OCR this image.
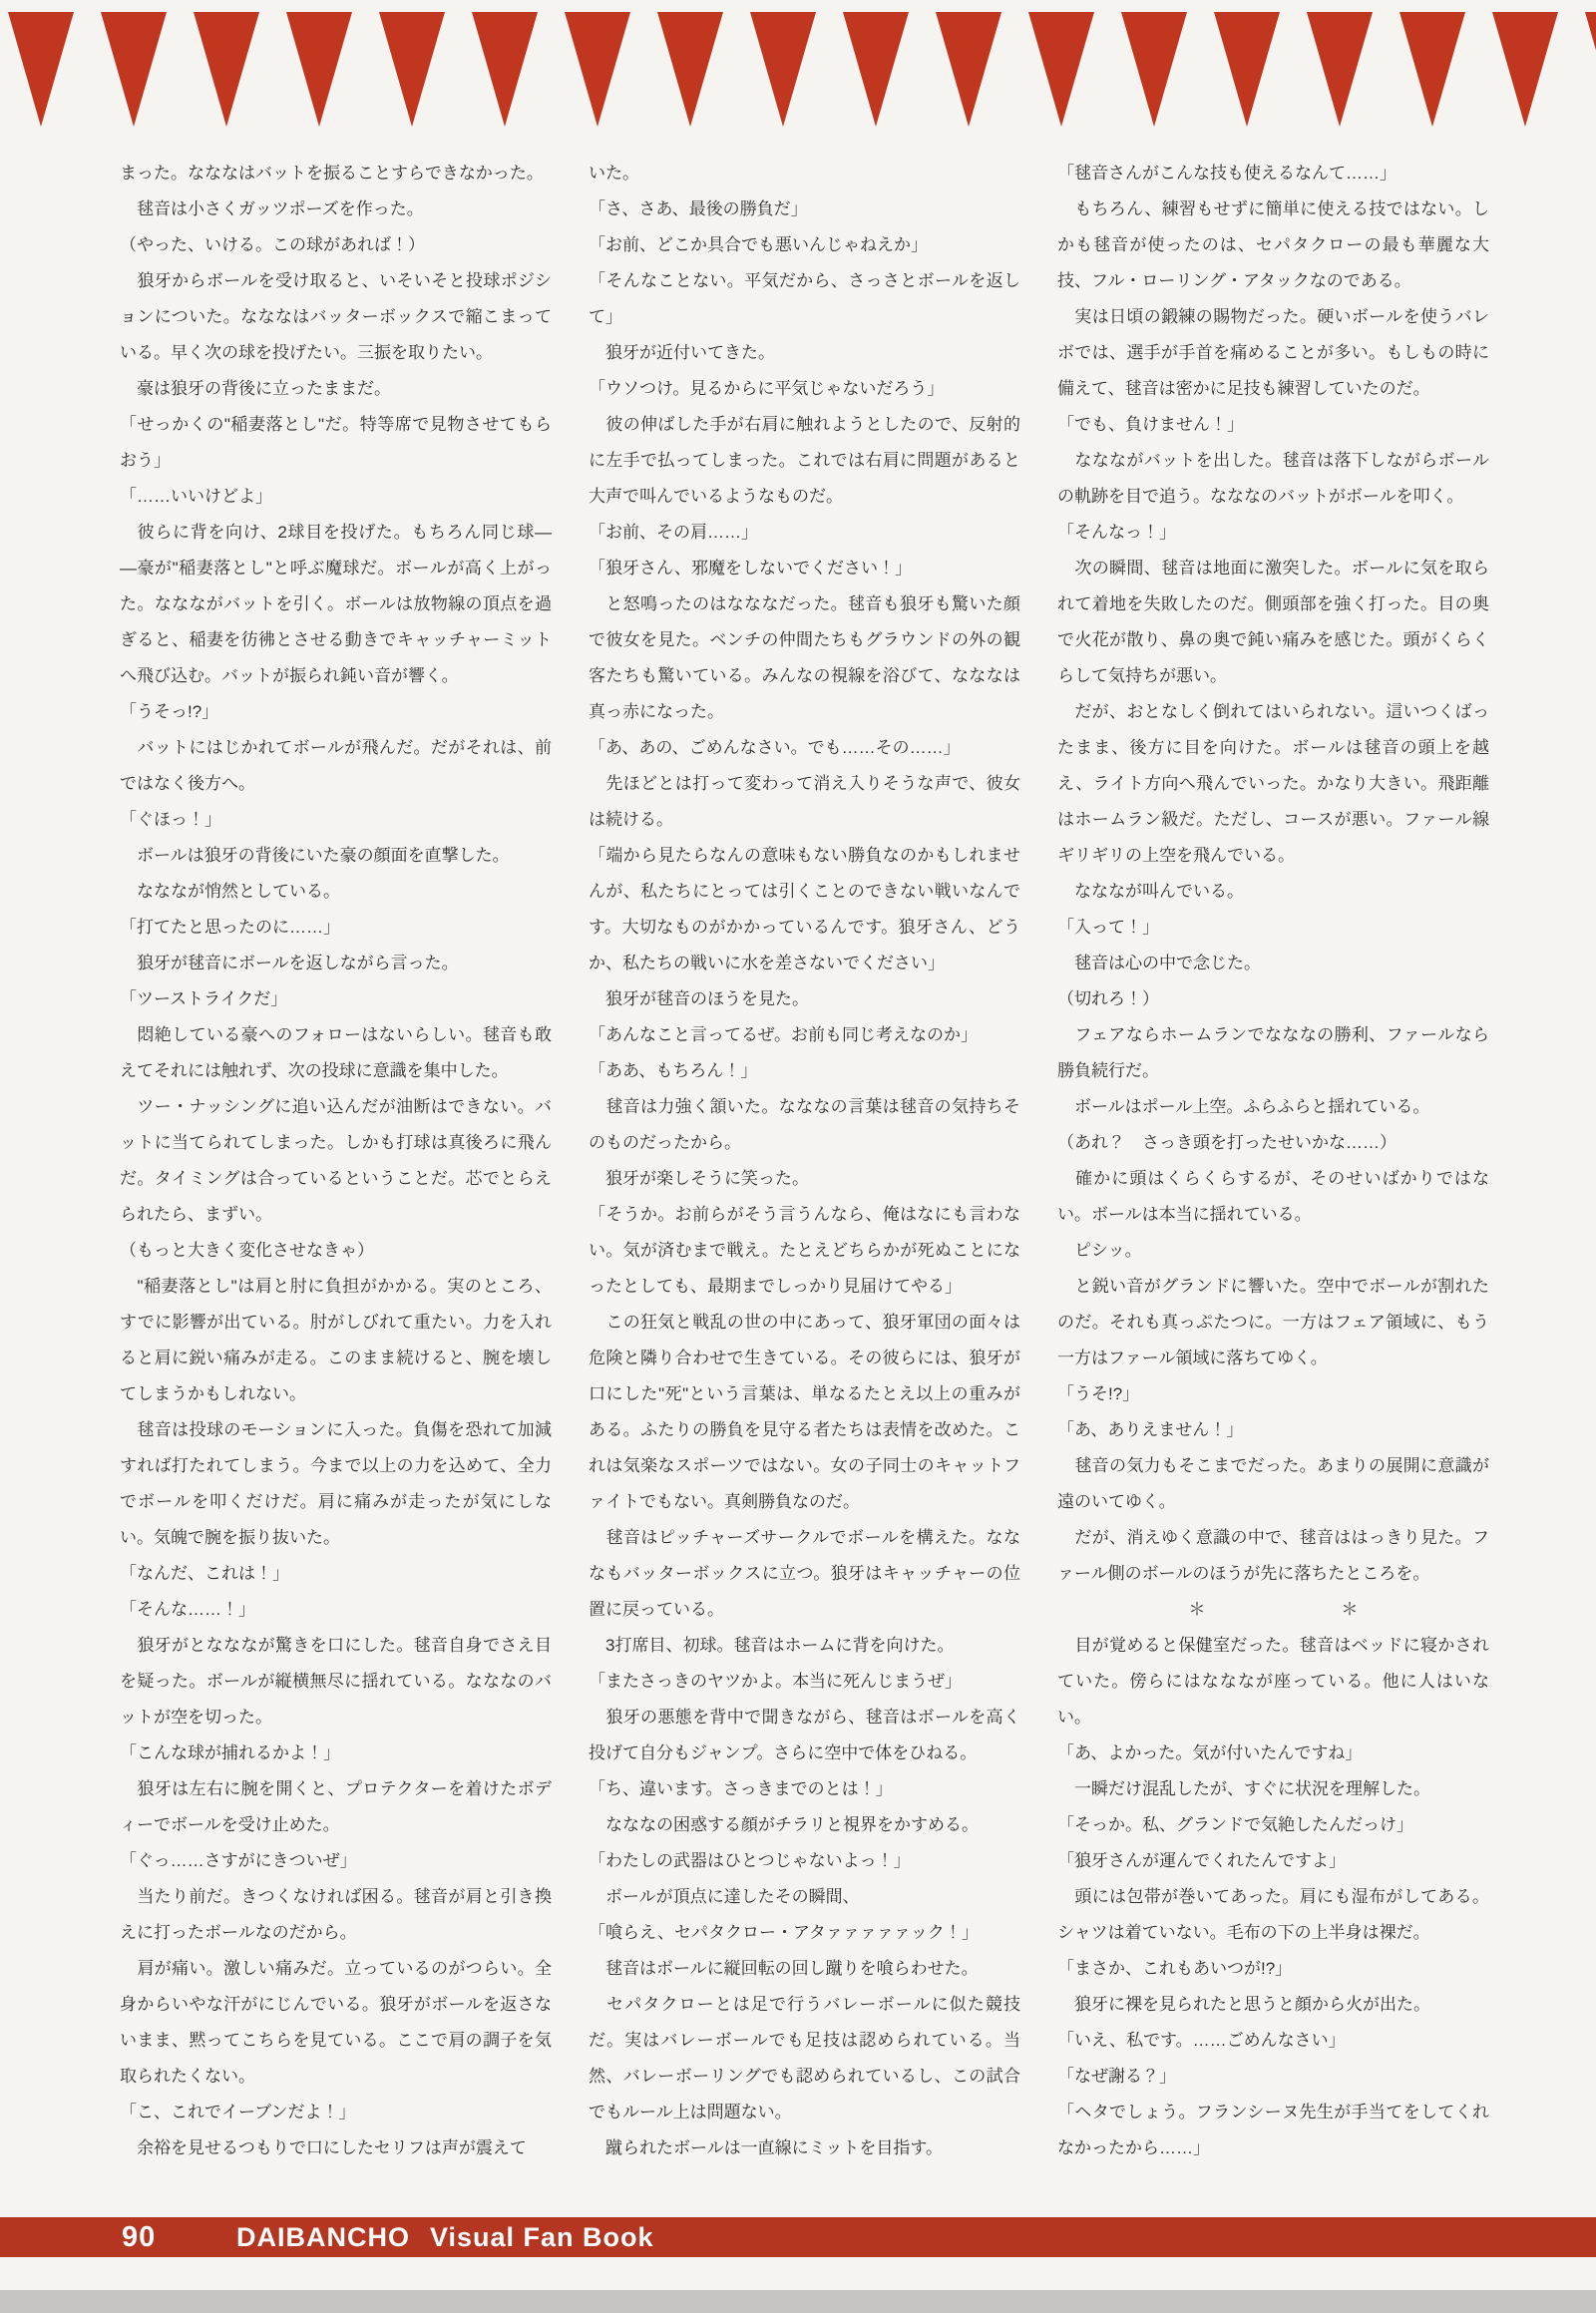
まった。なななはバットを振ることすらできなかった。

　毬音は小さくガッツポーズを作った。

（やった、いける。この球があれば！）

　狼牙からボールを受け取ると、いそいそと投球ポジションについた。なななはバッターボックスで縮こまっている。早く次の球を投げたい。三振を取りたい。

　豪は狼牙の背後に立ったままだ。

「せっかくの"稲妻落とし"だ。特等席で見物させてもらおう」

「……いいけどよ」

　彼らに背を向け、2球目を投げた。もちろん同じ球――豪が"稲妻落とし"と呼ぶ魔球だ。ボールが高く上がった。ななながバットを引く。ボールは放物線の頂点を過ぎると、稲妻を彷彿とさせる動きでキャッチャーミットへ飛び込む。バットが振られ鈍い音が響く。

「うそっ!?」

　バットにはじかれてボールが飛んだ。だがそれは、前ではなく後方へ。

「ぐほっ！」

　ボールは狼牙の背後にいた豪の顔面を直撃した。

　なななが悄然としている。

「打てたと思ったのに……」

　狼牙が毬音にボールを返しながら言った。

「ツーストライクだ」

　悶絶している豪へのフォローはないらしい。毬音も敢えてそれには触れず、次の投球に意識を集中した。

　ツー・ナッシングに追い込んだが油断はできない。バットに当てられてしまった。しかも打球は真後ろに飛んだ。タイミングは合っているということだ。芯でとらえられたら、まずい。

（もっと大きく変化させなきゃ）

　"稲妻落とし"は肩と肘に負担がかかる。実のところ、すでに影響が出ている。肘がしびれて重たい。力を入れると肩に鋭い痛みが走る。このまま続けると、腕を壊してしまうかもしれない。

　毬音は投球のモーションに入った。負傷を恐れて加減すれば打たれてしまう。今まで以上の力を込めて、全力でボールを叩くだけだ。肩に痛みが走ったが気にしない。気魄で腕を振り抜いた。

「なんだ、これは！」

「そんな……！」

　狼牙がとなななが驚きを口にした。毬音自身でさえ目を疑った。ボールが縦横無尽に揺れている。なななのバットが空を切った。

「こんな球が捕れるかよ！」

　狼牙は左右に腕を開くと、プロテクターを着けたボディーでボールを受け止めた。

「ぐっ……さすがにきついぜ」

　当たり前だ。きつくなければ困る。毬音が肩と引き換えに打ったボールなのだから。

　肩が痛い。激しい痛みだ。立っているのがつらい。全身からいやな汗がにじんでいる。狼牙がボールを返さないまま、黙ってこちらを見ている。ここで肩の調子を気取られたくない。

「こ、これでイーブンだよ！」

　余裕を見せるつもりで口にしたセリフは声が震えて

いた。

「さ、さあ、最後の勝負だ」

「お前、どこか具合でも悪いんじゃねえか」

「そんなことない。平気だから、さっさとボールを返して」

　狼牙が近付いてきた。

「ウソつけ。見るからに平気じゃないだろう」

　彼の伸ばした手が右肩に触れようとしたので、反射的に左手で払ってしまった。これでは右肩に問題があると大声で叫んでいるようなものだ。

「お前、その肩……」

「狼牙さん、邪魔をしないでください！」

　と怒鳴ったのはなななだった。毬音も狼牙も驚いた顔で彼女を見た。ベンチの仲間たちもグラウンドの外の観客たちも驚いている。みんなの視線を浴びて、なななは真っ赤になった。

「あ、あの、ごめんなさい。でも……その……」

　先ほどとは打って変わって消え入りそうな声で、彼女は続ける。

「端から見たらなんの意味もない勝負なのかもしれませんが、私たちにとっては引くことのできない戦いなんです。大切なものがかかっているんです。狼牙さん、どうか、私たちの戦いに水を差さないでください」

　狼牙が毬音のほうを見た。

「あんなこと言ってるぜ。お前も同じ考えなのか」

「ああ、もちろん！」

　毬音は力強く頷いた。なななの言葉は毬音の気持ちそのものだったから。

　狼牙が楽しそうに笑った。

「そうか。お前らがそう言うんなら、俺はなにも言わない。気が済むまで戦え。たとえどちらかが死ぬことになったとしても、最期までしっかり見届けてやる」

　この狂気と戦乱の世の中にあって、狼牙軍団の面々は危険と隣り合わせで生きている。その彼らには、狼牙が口にした"死"という言葉は、単なるたとえ以上の重みがある。ふたりの勝負を見守る者たちは表情を改めた。これは気楽なスポーツではない。女の子同士のキャットファイトでもない。真剣勝負なのだ。

　毬音はピッチャーズサークルでボールを構えた。なななもバッターボックスに立つ。狼牙はキャッチャーの位置に戻っている。

　3打席目、初球。毬音はホームに背を向けた。

「またさっきのヤツかよ。本当に死んじまうぜ」

　狼牙の悪態を背中で聞きながら、毬音はボールを高く投げて自分もジャンプ。さらに空中で体をひねる。

「ち、違います。さっきまでのとは！」

　なななの困惑する顔がチラリと視界をかすめる。

「わたしの武器はひとつじゃないよっ！」

　ボールが頂点に達したその瞬間、

「喰らえ、セパタクロー・アタァァァァァック！」

　毬音はボールに縦回転の回し蹴りを喰らわせた。

　セパタクローとは足で行うバレーボールに似た競技だ。実はバレーボールでも足技は認められている。当然、バレーボーリングでも認められているし、この試合でもルール上は問題ない。

　蹴られたボールは一直線にミットを目指す。

「毬音さんがこんな技も使えるなんて……」

　もちろん、練習もせずに簡単に使える技ではない。しかも毬音が使ったのは、セパタクローの最も華麗な大技、フル・ローリング・アタックなのである。

　実は日頃の鍛練の賜物だった。硬いボールを使うバレボでは、選手が手首を痛めることが多い。もしもの時に備えて、毬音は密かに足技も練習していたのだ。

「でも、負けません！」

　ななながバットを出した。毬音は落下しながらボールの軌跡を目で追う。なななのバットがボールを叩く。

「そんなっ！」

　次の瞬間、毬音は地面に激突した。ボールに気を取られて着地を失敗したのだ。側頭部を強く打った。目の奥で火花が散り、鼻の奥で鈍い痛みを感じた。頭がくらくらして気持ちが悪い。

　だが、おとなしく倒れてはいられない。這いつくばったまま、後方に目を向けた。ボールは毬音の頭上を越え、ライト方向へ飛んでいった。かなり大きい。飛距離はホームラン級だ。ただし、コースが悪い。ファール線ギリギリの上空を飛んでいる。

　なななが叫んでいる。

「入って！」

　毬音は心の中で念じた。

（切れろ！）

　フェアならホームランでなななの勝利、ファールなら勝負続行だ。

　ボールはポール上空。ふらふらと揺れている。

（あれ？　さっき頭を打ったせいかな……）

　確かに頭はくらくらするが、そのせいばかりではない。ボールは本当に揺れている。

　ピシッ。

　と鋭い音がグランドに響いた。空中でボールが割れたのだ。それも真っぷたつに。一方はフェア領域に、もう一方はファール領域に落ちてゆく。

「うそ!?」

「あ、ありえません！」

　毬音の気力もそこまでだった。あまりの展開に意識が遠のいてゆく。

　だが、消えゆく意識の中で、毬音ははっきり見た。ファール側のボールのほうが先に落ちたところを。

＊　　　　　　　　＊

　目が覚めると保健室だった。毬音はベッドに寝かされていた。傍らにはなななが座っている。他に人はいない。

「あ、よかった。気が付いたんですね」

　一瞬だけ混乱したが、すぐに状況を理解した。

「そっか。私、グランドで気絶したんだっけ」

「狼牙さんが運んでくれたんですよ」

　頭には包帯が巻いてあった。肩にも湿布がしてある。シャツは着ていない。毛布の下の上半身は裸だ。

「まさか、これもあいつが!?」

　狼牙に裸を見られたと思うと顔から火が出た。

「いえ、私です。……ごめんなさい」

「なぜ謝る？」

「ヘタでしょう。フランシーヌ先生が手当てをしてくれなかったから……」

90	DAIBANCHO Visual Fan Book
